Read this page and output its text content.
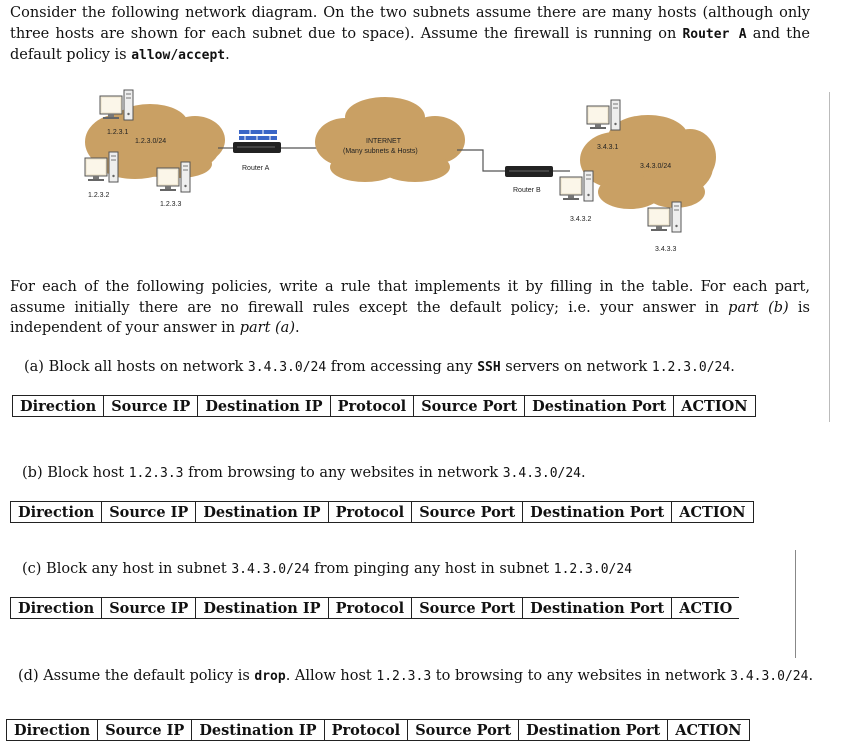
Consider the following network diagram. On the two subnets assume there are many hosts (although only three hosts are shown for each subnet due to space). Assume the firewall is running on Router A and the default policy is allow/accept.

1.2.3.0/24
1.2.3.1
1.2.3.2
1.2.3.3
Router A
INTERNET
(Many subnets & Hosts)
Router B
3.4.3.0/24
3.4.3.1
3.4.3.2
3.4.3.3

For each of the following policies, write a rule that implements it by filling in the table. For each part, assume initially there are no firewall rules except the default policy; i.e. your answer in part (b) is independent of your answer in part (a).

(a) Block all hosts on network 3.4.3.0/24 from accessing any SSH servers on network 1.2.3.0/24.
Direction	Source IP	Destination IP	Protocol	Source Port	Destination Port	ACTION
(b) Block host 1.2.3.3 from browsing to any websites in network 3.4.3.0/24.
Direction	Source IP	Destination IP	Protocol	Source Port	Destination Port	ACTION
(c) Block any host in subnet 3.4.3.0/24 from pinging any host in subnet 1.2.3.0/24
Direction	Source IP	Destination IP	Protocol	Source Port	Destination Port	ACTIO
(d) Assume the default policy is drop. Allow host 1.2.3.3 to browsing to any websites in network 3.4.3.0/24.
Direction	Source IP	Destination IP	Protocol	Source Port	Destination Port	ACTION
